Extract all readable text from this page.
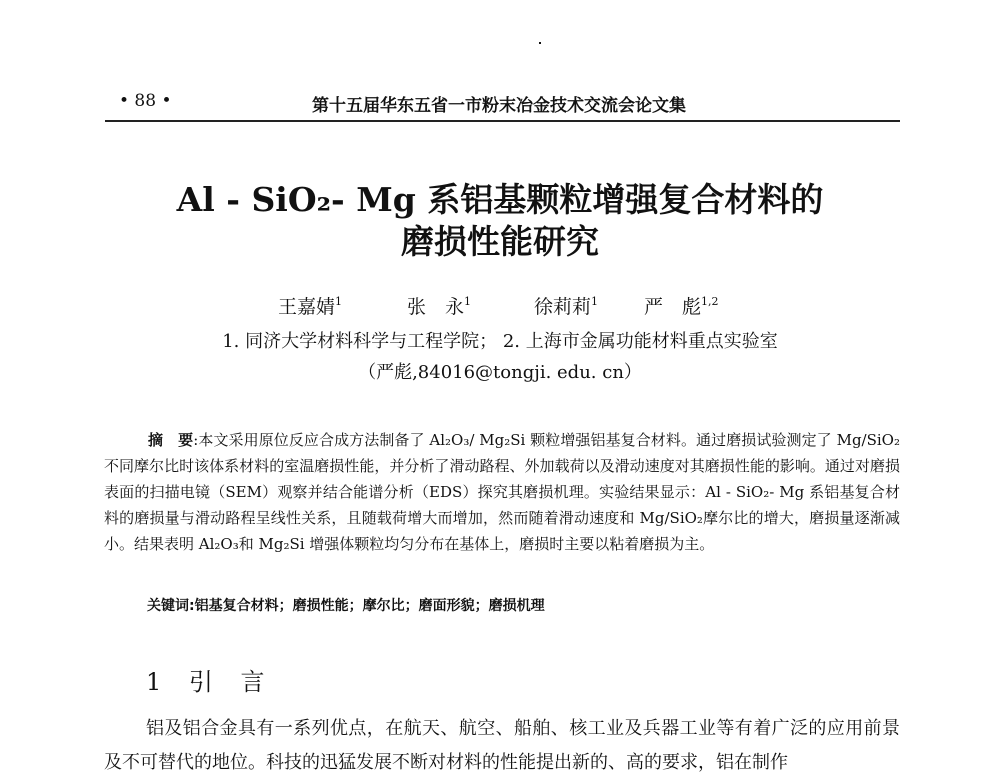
• 88 •	第十五届华东五省一市粉末冶金技术交流会论文集
Al - SiO₂- Mg 系铝基颗粒增强复合材料的
磨损性能研究
王嘉婧$^1$	张　永$^1$	徐莉莉$^1$ 严　彪$^{1,2}$
1. 同济大学材料科学与工程学院； 2. 上海市金属功能材料重点实验室
（严彪,84016@tongji. edu. cn）

摘　要:本文采用原位反应合成方法制备了 Al₂O₃/ Mg₂Si 颗粒增强铝基复合材料。通过磨损试验测定了 Mg/SiO₂不同摩尔比时该体系材料的室温磨损性能，并分析了滑动路程、外加载荷以及滑动速度对其磨损性能的影响。通过对磨损表面的扫描电镜（SEM）观察并结合能谱分析（EDS）探究其磨损机理。实验结果显示：Al - SiO₂- Mg 系铝基复合材料的磨损量与滑动路程呈线性关系，且随载荷增大而增加，然而随着滑动速度和 Mg/SiO₂摩尔比的增大，磨损量逐渐减小。结果表明 Al₂O₃和 Mg₂Si 增强体颗粒均匀分布在基体上，磨损时主要以粘着磨损为主。

关键词:铝基复合材料；磨损性能；摩尔比；磨面形貌；磨损机理
1 引 言

铝及铝合金具有一系列优点，在航天、航空、船舶、核工业及兵器工业等有着广泛的应用前景及不可替代的地位。科技的迅猛发展不断对材料的性能提出新的、高的要求，铝在制作
